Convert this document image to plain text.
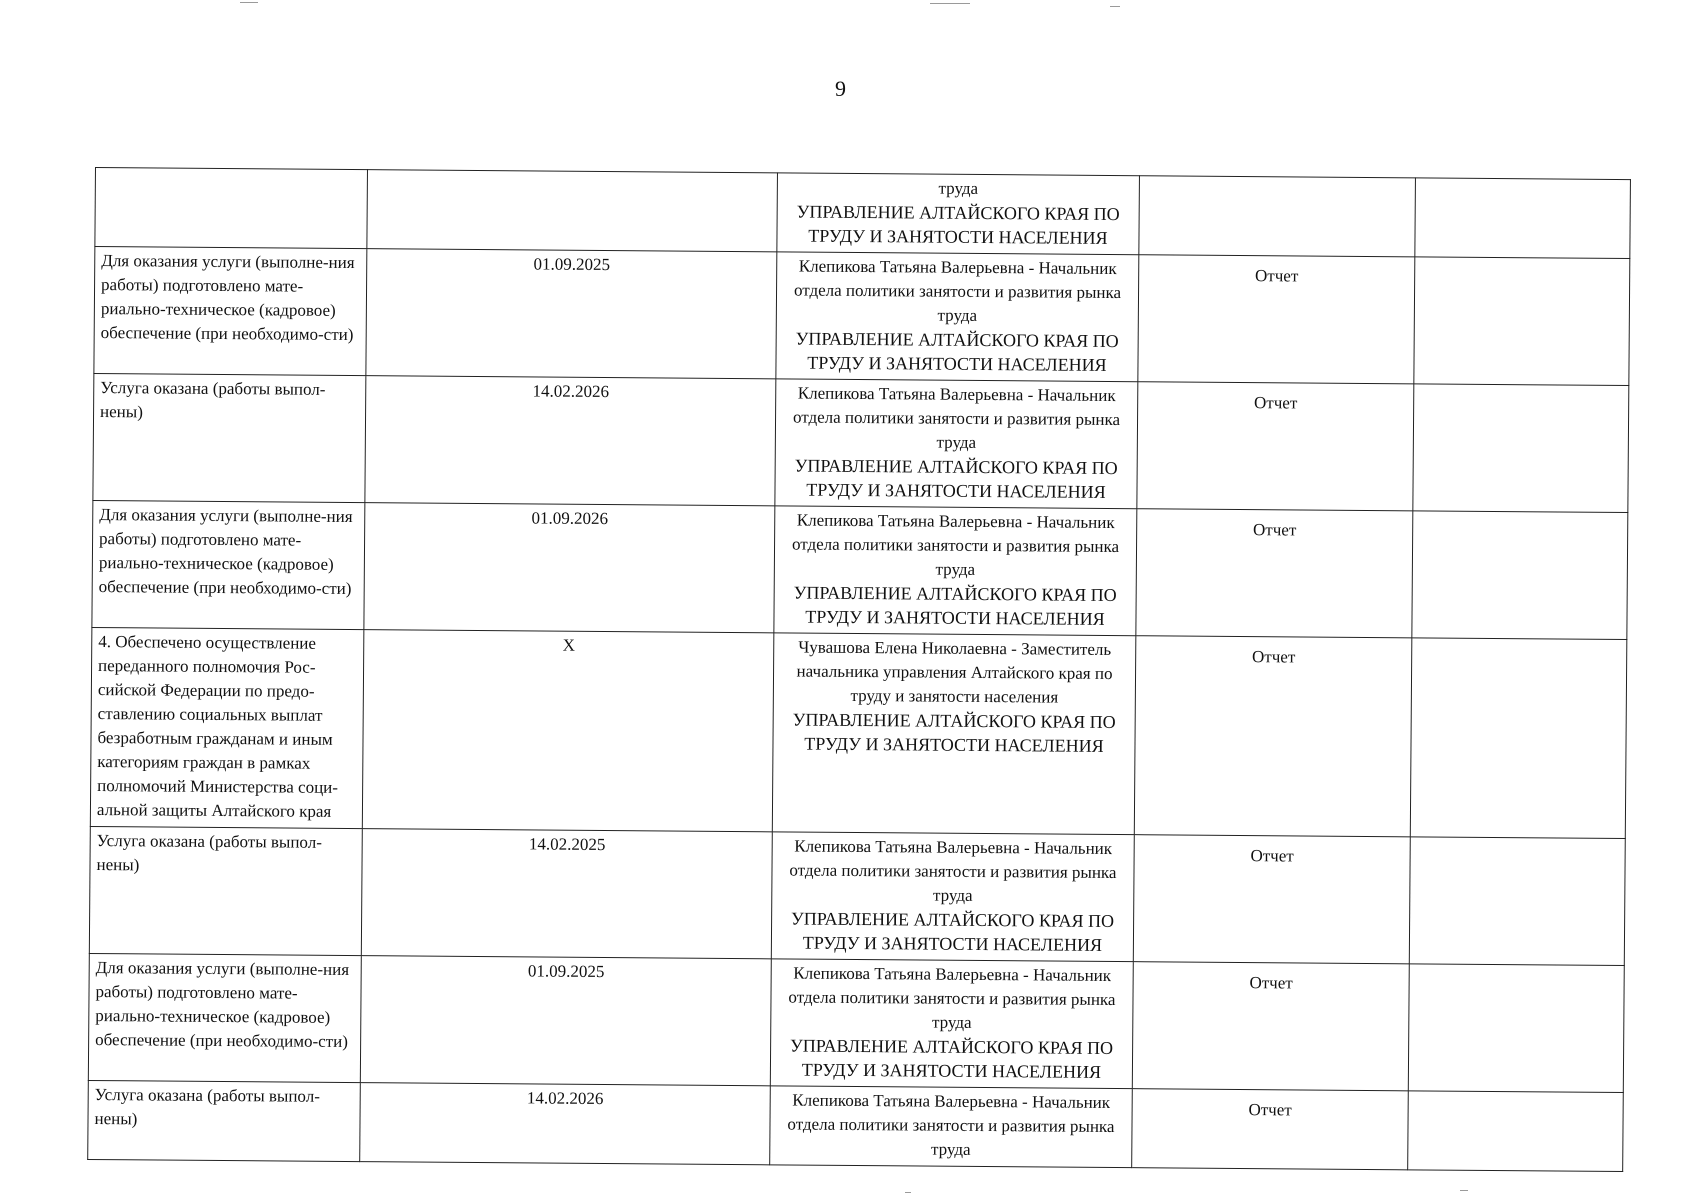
9

		труда
УПРАВЛЕНИЕ АЛТАЙСКОГО КРАЯ ПО ТРУДУ И ЗАНЯТОСТИ НАСЕЛЕНИЯ		

Для оказания услуги (выполне-ния работы) подготовлено мате-риально-техническое (кадровое) обеспечение (при необходимо-сти)	01.09.2025	Клепикова Татьяна Валерьевна - Начальник отдела политики занятости и развития рынка труда
УПРАВЛЕНИЕ АЛТАЙСКОГО КРАЯ ПО ТРУДУ И ЗАНЯТОСТИ НАСЕЛЕНИЯ	Отчет	
Услуга оказана (работы выпол-нены)	14.02.2026	Клепикова Татьяна Валерьевна - Начальник отдела политики занятости и развития рынка труда
УПРАВЛЕНИЕ АЛТАЙСКОГО КРАЯ ПО ТРУДУ И ЗАНЯТОСТИ НАСЕЛЕНИЯ	Отчет	
Для оказания услуги (выполне-ния работы) подготовлено мате-риально-техническое (кадровое) обеспечение (при необходимо-сти)	01.09.2026	Клепикова Татьяна Валерьевна - Начальник отдела политики занятости и развития рынка труда
УПРАВЛЕНИЕ АЛТАЙСКОГО КРАЯ ПО ТРУДУ И ЗАНЯТОСТИ НАСЕЛЕНИЯ	Отчет	
4. Обеспечено осуществление переданного полномочия Рос-сийской Федерации по предо-ставлению социальных выплат безработным гражданам и иным категориям граждан в рамках полномочий Министерства соци-альной защиты Алтайского края	Х	Чувашова Елена Николаевна - Заместитель начальника управления Алтайского края по труду и занятости населения
УПРАВЛЕНИЕ АЛТАЙСКОГО КРАЯ ПО ТРУДУ И ЗАНЯТОСТИ НАСЕЛЕНИЯ	Отчет	
Услуга оказана (работы выпол-нены)	14.02.2025	Клепикова Татьяна Валерьевна - Начальник отдела политики занятости и развития рынка труда
УПРАВЛЕНИЕ АЛТАЙСКОГО КРАЯ ПО ТРУДУ И ЗАНЯТОСТИ НАСЕЛЕНИЯ	Отчет	
Для оказания услуги (выполне-ния работы) подготовлено мате-риально-техническое (кадровое) обеспечение (при необходимо-сти)	01.09.2025	Клепикова Татьяна Валерьевна - Начальник отдела политики занятости и развития рынка труда
УПРАВЛЕНИЕ АЛТАЙСКОГО КРАЯ ПО ТРУДУ И ЗАНЯТОСТИ НАСЕЛЕНИЯ	Отчет	
Услуга оказана (работы выпол-нены)	14.02.2026	Клепикова Татьяна Валерьевна - Начальник отдела политики занятости и развития рынка труда	Отчет	
